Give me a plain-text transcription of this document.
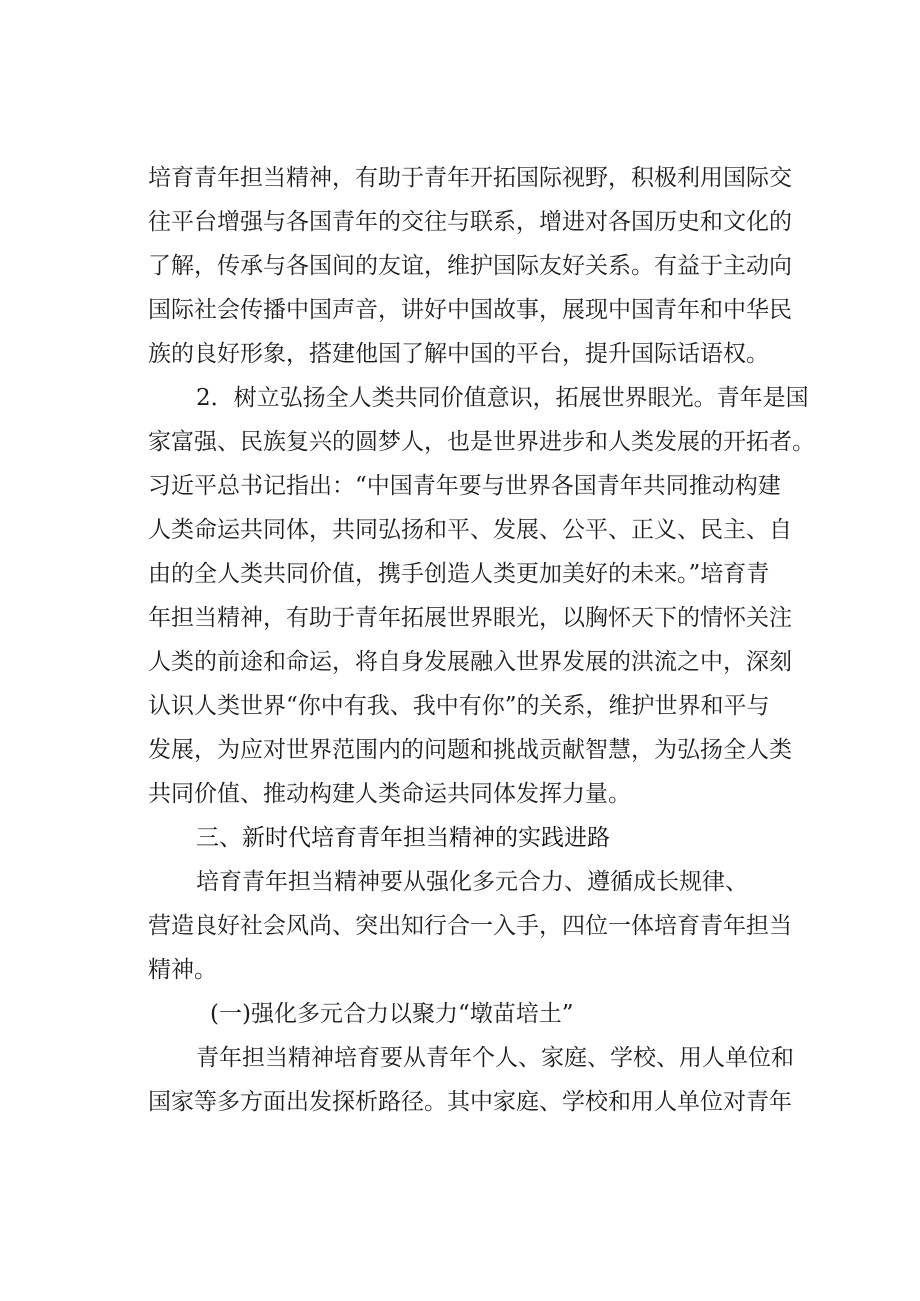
培育青年担当精神，有助于青年开拓国际视野，积极利用国际交
往平台增强与各国青年的交往与联系，增进对各国历史和文化的
了解，传承与各国间的友谊，维护国际友好关系。有益于主动向
国际社会传播中国声音，讲好中国故事，展现中国青年和中华民
族的良好形象，搭建他国了解中国的平台，提升国际话语权。
2．树立弘扬全人类共同价值意识，拓展世界眼光。青年是国
家富强、民族复兴的圆梦人，也是世界进步和人类发展的开拓者。
习近平总书记指出：“中国青年要与世界各国青年共同推动构建
人类命运共同体，共同弘扬和平、发展、公平、正义、民主、自
由的全人类共同价值，携手创造人类更加美好的未来。”培育青
年担当精神，有助于青年拓展世界眼光，以胸怀天下的情怀关注
人类的前途和命运，将自身发展融入世界发展的洪流之中，深刻
认识人类世界“你中有我、我中有你”的关系，维护世界和平与
发展，为应对世界范围内的问题和挑战贡献智慧，为弘扬全人类
共同价值、推动构建人类命运共同体发挥力量。
三、新时代培育青年担当精神的实践进路
培育青年担当精神要从强化多元合力、遵循成长规律、
营造良好社会风尚、突出知行合一入手，四位一体培育青年担当
精神。
(一)强化多元合力以聚力“墩苗培土”
青年担当精神培育要从青年个人、家庭、学校、用人单位和
国家等多方面出发探析路径。其中家庭、学校和用人单位对青年
